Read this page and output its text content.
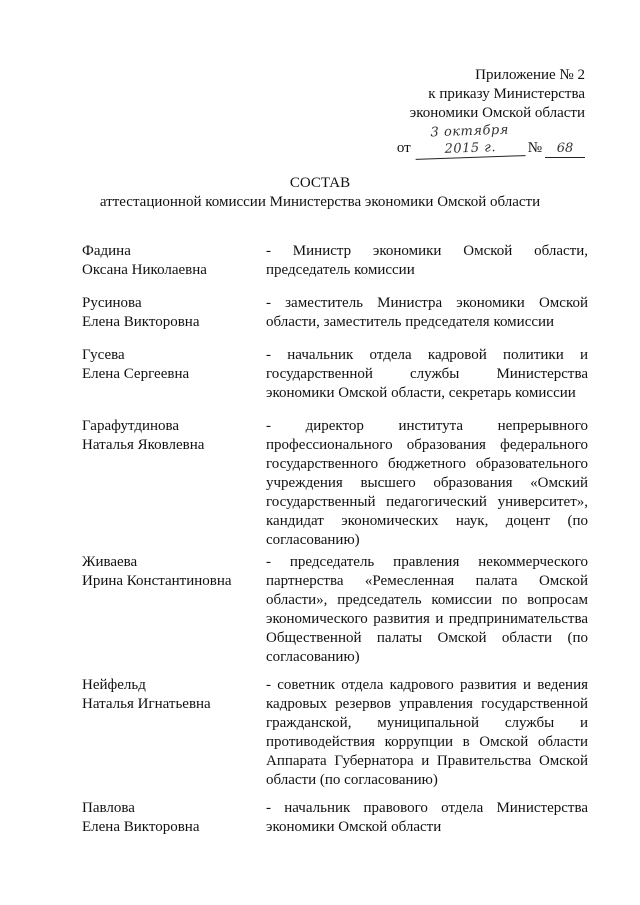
Приложение № 2
к приказу Министерства
экономики Омской области
от
3 октября 2015 г.	№	68
СОСТАВ
аттестационной комиссии Министерства экономики Омской области
Фадина
Оксана Николаевна
- Министр экономики Омской области, председатель комиссии
Русинова
Елена Викторовна
- заместитель Министра экономики Омской области, заместитель председателя комиссии
Гусева
Елена Сергеевна
- начальник отдела кадровой политики и государственной службы Министерства экономики Омской области, секретарь комиссии
Гарафутдинова
Наталья Яковлевна
- директор института непрерывного профессионального образования федерального государственного бюджетного образовательного учреждения высшего образования «Омский государственный педагогический университет», кандидат экономических наук, доцент (по согласованию)
Живаева
Ирина Константиновна
- председатель правления некоммерческого партнерства «Ремесленная палата Омской области», председатель комиссии по вопросам экономического развития и предпринимательства Общественной палаты Омской области (по согласованию)
Нейфельд
Наталья Игнатьевна
- советник отдела кадрового развития и ведения кадровых резервов управления государственной гражданской, муниципальной службы и противодействия коррупции в Омской области Аппарата Губернатора и Правительства Омской области (по согласованию)
Павлова
Елена Викторовна
- начальник правового отдела Министерства экономики Омской области
